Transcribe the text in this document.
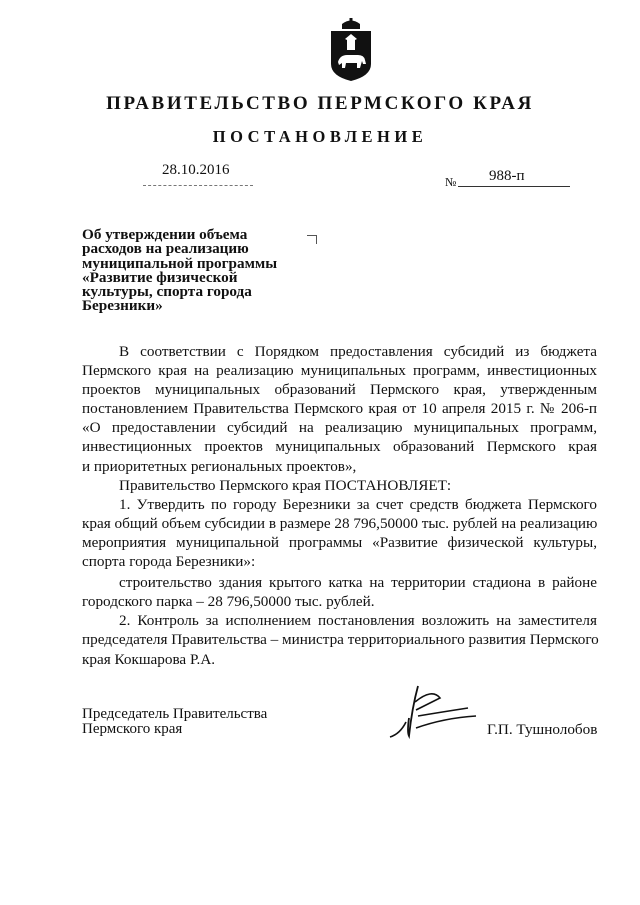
ПРАВИТЕЛЬСТВО ПЕРМСКОГО КРАЯ
ПОСТАНОВЛЕНИЕ
28.10.2016
№ 988-п
Об утверждении объема
расходов на реализацию
муниципальной программы
«Развитие физической
культуры, спорта города
Березники»
В соответствии с Порядком предоставления субсидий из бюджета
Пермского края на реализацию муниципальных программ, инвестиционных
проектов муниципальных образований Пермского края, утвержденным
постановлением Правительства Пермского края от 10 апреля 2015 г. № 206-п
«О предоставлении субсидий на реализацию муниципальных программ,
инвестиционных проектов муниципальных образований Пермского края
и приоритетных региональных проектов»,
Правительство Пермского края ПОСТАНОВЛЯЕТ:
1. Утвердить по городу Березники за счет средств бюджета Пермского
края общий объем субсидии в размере 28 796,50000 тыс. рублей на реализацию
мероприятия муниципальной программы «Развитие физической культуры,
спорта города Березники»:
строительство здания крытого катка на территории стадиона в районе
городского парка – 28 796,50000 тыс. рублей.
2. Контроль за исполнением постановления возложить на заместителя
председателя Правительства – министра территориального развития Пермского
края Кокшарова Р.А.
Председатель Правительства
Пермского края	Г.П. Тушнолобов
